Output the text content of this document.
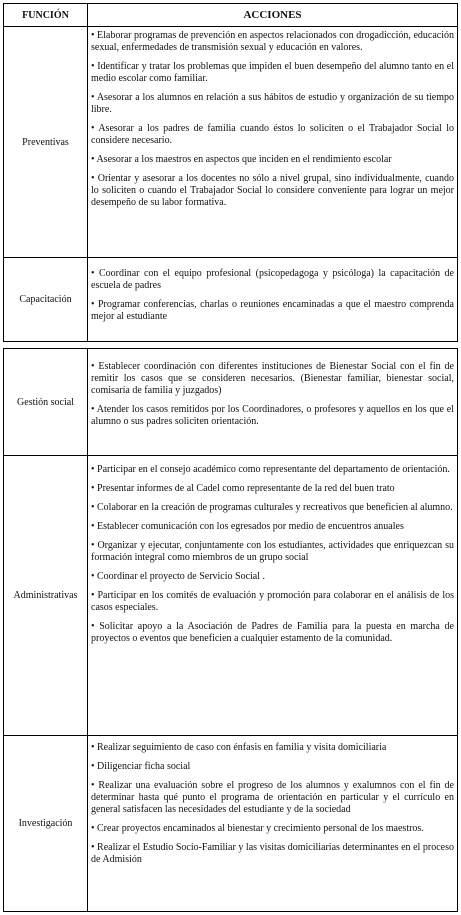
FUNCIÓN	ACCIONES
Preventivas

• Elaborar programas de prevención en aspectos relacionados con drogadicción, educación sexual, enfermedades de transmisión sexual y educación en valores.

• Identificar y tratar los problemas que impiden el buen desempeño del alumno tanto en el medio escolar como familiar.

• Asesorar a los alumnos en relación a sus hábitos de estudio y organización de su tiempo libre.

• Asesorar a los padres de familia cuando éstos lo soliciten o el Trabajador Social lo considere necesario.

• Asesorar a los maestros en aspectos que inciden en el rendimiento escolar

• Orientar y asesorar a los docentes no sólo a nivel grupal, sino individualmente, cuando lo soliciten o cuando el Trabajador Social lo considere conveniente para lograr un mejor desempeño de su labor formativa.

Capacitación

• Coordinar con el equipo profesional (psicopedagoga y psicóloga) la capacitación de escuela de padres

• Programar conferencias, charlas o reuniones encaminadas a que el maestro comprenda mejor al estudiante

Gestión social

• Establecer coordinación con diferentes instituciones de Bienestar Social con el fin de remitir los casos que se consideren necesarios. (Bienestar familiar, bienestar social, comisaría de familia y juzgados)

• Atender los casos remitidos por los Coordinadores, o profesores y aquellos en los que el alumno o sus padres soliciten orientación.

Administrativas

• Participar en el consejo académico como representante del departamento de orientación.

• Presentar informes de al Cadel como representante de la red del buen trato

• Colaborar en la creación de programas culturales y recreativos que beneficien al alumno.

• Establecer comunicación con los egresados por medio de encuentros anuales

• Organizar y ejecutar, conjuntamente con los estudiantes, actividades que enriquezcan su formación integral como miembros de un grupo social

• Coordinar el proyecto de Servicio Social .

• Participar en los comités de evaluación y promoción para colaborar en el análisis de los casos especiales.

• Solicitar apoyo a la Asociación de Padres de Familia para la puesta en marcha de proyectos o eventos que beneficien a cualquier estamento de la comunidad.

Investigación

• Realizar seguimiento de caso con énfasis en familia y visita domiciliaria

• Diligenciar ficha social

• Realizar una evaluación sobre el progreso de los alumnos y exalumnos con el fin de determinar hasta qué punto el programa de orientación en particular y el currículo en general satisfacen las necesidades del estudiante y de la sociedad

• Crear proyectos encaminados al bienestar y crecimiento personal de los maestros.

• Realizar el Estudio Socio-Familiar y las visitas domiciliarias determinantes en el proceso de Admisión
